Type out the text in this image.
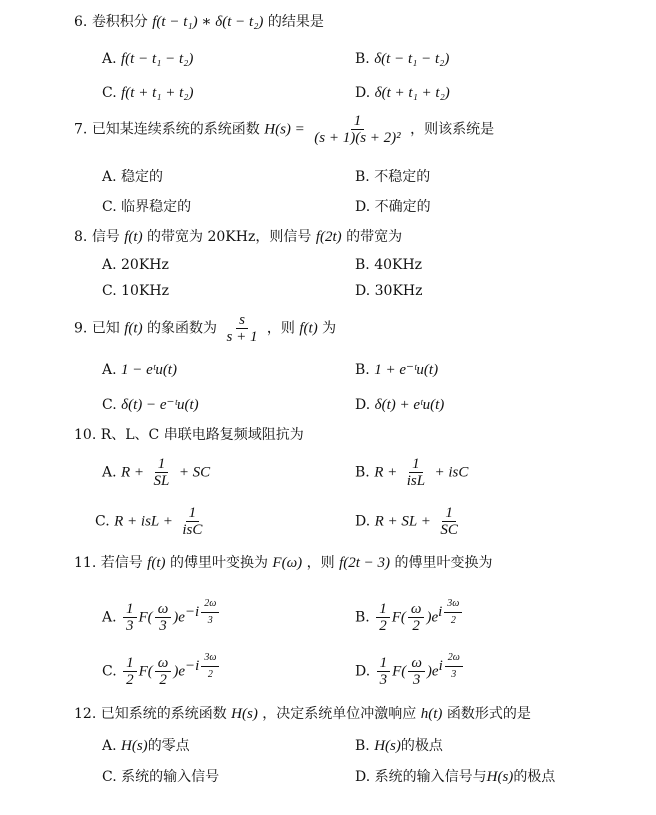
6. 卷积积分 f(t − t₁) ∗ δ(t − t₂) 的结果是
A. f(t − t₁ − t₂)	B. δ(t − t₁ − t₂)
C. f(t + t₁ + t₂)	D. δ(t + t₁ + t₂)
7. 已知某连续系统的系统函数 $H(s) = \frac{1}{\text{(s + 1)(s + 2)²}}$ ，则该系统是
A. 稳定的	B. 不稳定的
C. 临界稳定的	D. 不确定的
8. 信号 f(t) 的带宽为 20KHz，则信号 f(2t) 的带宽为
A. 20KHz	B. 40KHz
C. 10KHz	D. 30KHz
9. 已知 f(t) 的象函数为 $\frac{s}{s + 1}$ ，则 f(t) 为
A. 1 − eᵗu(t)	B. 1 + e⁻ᵗu(t)
C. δ(t) − e⁻ᵗu(t)	D. δ(t) + eᵗu(t)
10. R、L、C 串联电路复频域阻抗为
A. $R + \frac{1}{SL}$ + SC	B. $R + \frac{1}{\text{isL}}$ + isC
C. R + isL + $\frac{1}{\text{isC}}$	D. R + SL + $\frac{1}{SC}$
11. 若信号 f(t) 的傅里叶变换为 F(ω) ，则 f(2t − 3) 的傅里叶变换为
A. $\frac{1}{3} F( \frac{\omega}{3} )e^{-i \frac{2\omega}{3}}$	B. $\frac{1}{2} F( \frac{\omega}{2} )e^{i \frac{3\omega}{2}}$
C. $\frac{1}{2} F( \frac{\omega}{2} )e^{-i \frac{3\omega}{2}}$	D. $\frac{1}{3} F( \frac{\omega}{3} )e^{i \frac{2\omega}{3}}$
12. 已知系统的系统函数 H(s) ，决定系统单位冲激响应 h(t) 函数形式的是
A. H(s)的零点	B. H(s)的极点
C. 系统的输入信号	D. 系统的输入信号与H(s)的极点
